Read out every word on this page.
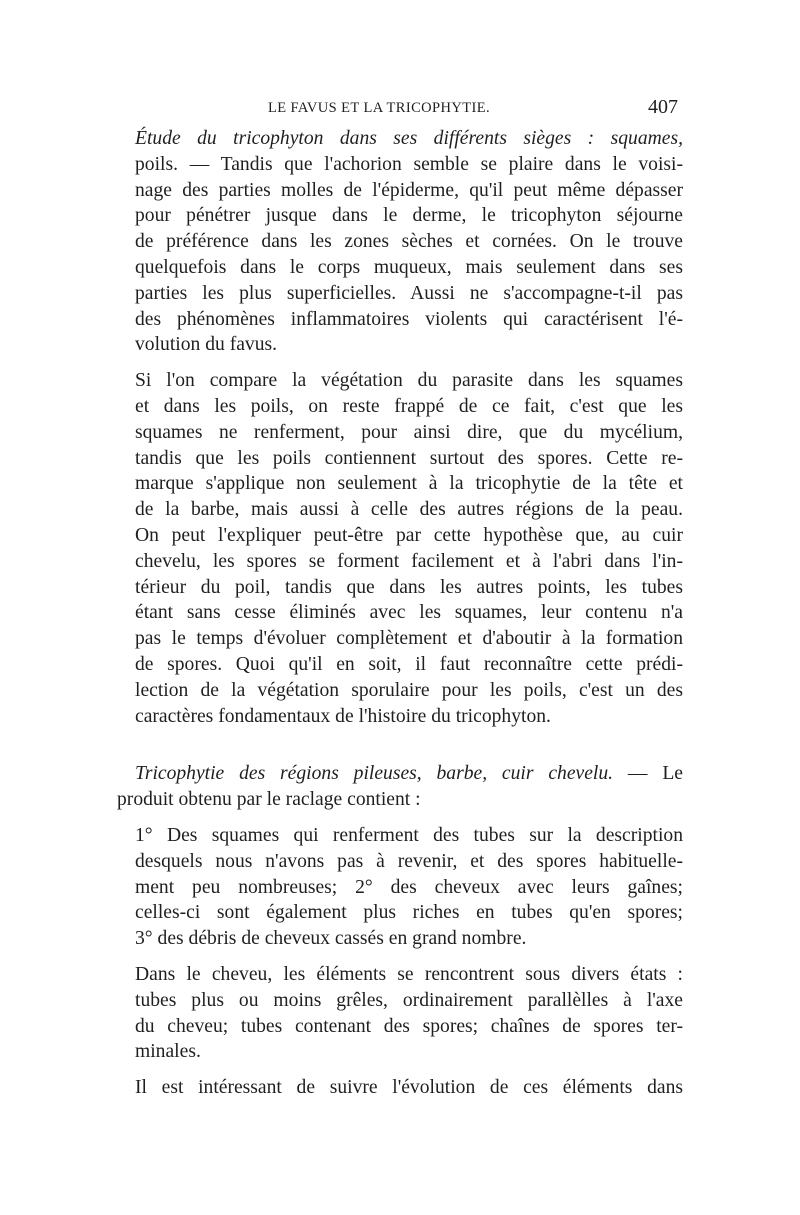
LE FAVUS ET LA TRICOPHYTIE.	407

Étude du tricophyton dans ses différents sièges : squames,
poils. — Tandis que l'achorion semble se plaire dans le voisi-
nage des parties molles de l'épiderme, qu'il peut même dépasser
pour pénétrer jusque dans le derme, le tricophyton séjourne
de préférence dans les zones sèches et cornées. On le trouve
quelquefois dans le corps muqueux, mais seulement dans ses
parties les plus superficielles. Aussi ne s'accompagne-t-il pas
des phénomènes inflammatoires violents qui caractérisent l'é-
volution du favus.

Si l'on compare la végétation du parasite dans les squames
et dans les poils, on reste frappé de ce fait, c'est que les
squames ne renferment, pour ainsi dire, que du mycélium,
tandis que les poils contiennent surtout des spores. Cette re-
marque s'applique non seulement à la tricophytie de la tête et
de la barbe, mais aussi à celle des autres régions de la peau.
On peut l'expliquer peut-être par cette hypothèse que, au cuir
chevelu, les spores se forment facilement et à l'abri dans l'in-
térieur du poil, tandis que dans les autres points, les tubes
étant sans cesse éliminés avec les squames, leur contenu n'a
pas le temps d'évoluer complètement et d'aboutir à la formation
de spores. Quoi qu'il en soit, il faut reconnaître cette prédi-
lection de la végétation sporulaire pour les poils, c'est un des
caractères fondamentaux de l'histoire du tricophyton.

Tricophytie des régions pileuses, barbe, cuir chevelu. — Le
produit obtenu par le raclage contient :

1° Des squames qui renferment des tubes sur la description
desquels nous n'avons pas à revenir, et des spores habituelle-
ment peu nombreuses; 2° des cheveux avec leurs gaînes;
celles-ci sont également plus riches en tubes qu'en spores;
3° des débris de cheveux cassés en grand nombre.

Dans le cheveu, les éléments se rencontrent sous divers états :
tubes plus ou moins grêles, ordinairement parallèlles à l'axe
du cheveu; tubes contenant des spores; chaînes de spores ter-
minales.

Il est intéressant de suivre l'évolution de ces éléments dans
